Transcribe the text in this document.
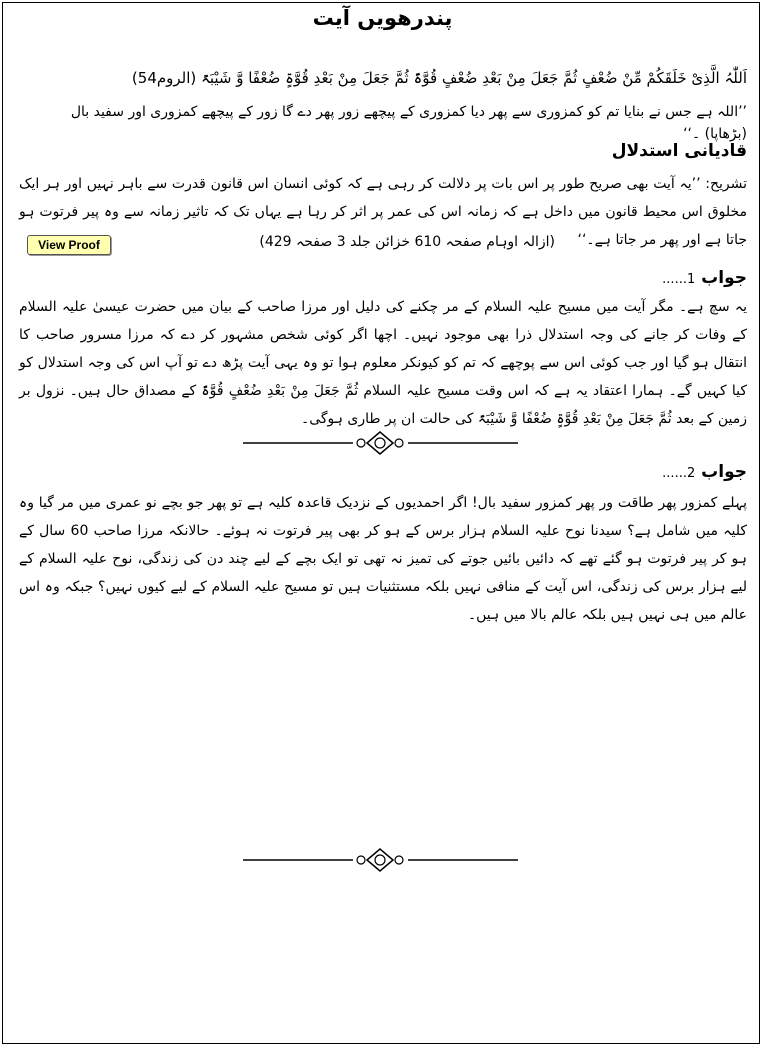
پندرھویں آیت
اَللّٰہُ الَّذِیْ خَلَقَکُمْ مِّنْ ضُعْفٍ ثُمَّ جَعَلَ مِنْ بَعْدِ ضُعْفٍ قُوَّۃً ثُمَّ جَعَلَ مِنْ بَعْدِ قُوَّۃٍ ضُعْفًا وَّ شَیْبَۃً (الروم54)
’’اللہ ہے جس نے بنایا تم کو کمزوری سے پھر دیا کمزوری کے پیچھے زور پھر دے گا زور کے پیچھے کمزوری اور سفید بال (بڑھاپا) ۔‘‘
قادیانی استدلال
تشریح: ’’یہ آیت بھی صریح طور پر اس بات پر دلالت کر رہی ہے کہ کوئی انسان اس قانون قدرت سے باہر نہیں اور ہر ایک مخلوق اس محیط قانون میں داخل ہے کہ زمانہ اس کی عمر پر اثر کر رہا ہے یہاں تک کہ تاثیر زمانہ سے وہ پیر فرتوت ہو جاتا ہے اور پھر مر جاتا ہے۔‘‘
(ازالہ اوہام صفحہ 610 خزائن جلد 3 صفحہ 429)
View Proof
جواب 1......
یہ سچ ہے۔ مگر آیت میں مسیح علیہ السلام کے مر چکنے کی دلیل اور مرزا صاحب کے بیان میں حضرت عیسیٰ علیہ السلام کے وفات کر جانے کی وجہ استدلال ذرا بھی موجود نہیں۔ اچھا اگر کوئی شخص مشہور کر دے کہ مرزا مسرور صاحب کا انتقال ہو گیا اور جب کوئی اس سے پوچھے کہ تم کو کیونکر معلوم ہوا تو وہ یہی آیت پڑھ دے تو آپ اس کی وجہ استدلال کو کیا کہیں گے۔ ہمارا اعتقاد یہ ہے کہ اس وقت مسیح علیہ السلام ثُمَّ جَعَلَ مِنْ بَعْدِ ضُعْفٍ قُوَّۃً کے مصداق حال ہیں۔ نزول بر زمین کے بعد ثُمَّ جَعَلَ مِنْ بَعْدِ قُوَّۃٍ ضُعْفًا وَّ شَیْبَۃً کی حالت ان پر طاری ہوگی۔
جواب 2......
پہلے کمزور پھر طاقت ور پھر کمزور سفید بال! اگر احمدیوں کے نزدیک قاعدہ کلیہ ہے تو پھر جو بچے نو عمری میں مر گیا وہ کلیہ میں شامل ہے؟ سیدنا نوح علیہ السلام ہزار برس کے ہو کر بھی پیر فرتوت نہ ہوئے۔ حالانکہ مرزا صاحب 60 سال کے ہو کر پیر فرتوت ہو گئے تھے کہ دائیں بائیں جوتے کی تمیز نہ تھی تو ایک بچے کے لیے چند دن کی زندگی، نوح علیہ السلام کے لیے ہزار برس کی زندگی، اس آیت کے منافی نہیں بلکہ مستثنیات ہیں تو مسیح علیہ السلام کے لیے کیوں نہیں؟ جبکہ وہ اس عالم میں ہی نہیں ہیں بلکہ عالم بالا میں ہیں۔
